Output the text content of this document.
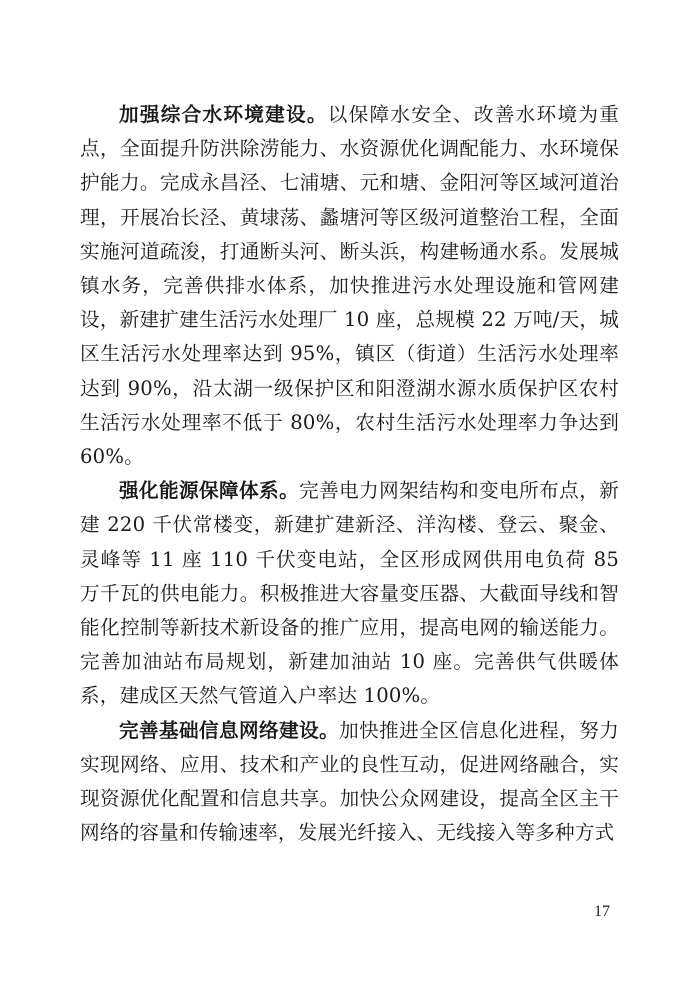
加强综合水环境建设。以保障水安全、改善水环境为重点，全面提升防洪除涝能力、水资源优化调配能力、水环境保护能力。完成永昌泾、七浦塘、元和塘、金阳河等区域河道治理，开展冶长泾、黄埭荡、蠡塘河等区级河道整治工程，全面实施河道疏浚，打通断头河、断头浜，构建畅通水系。发展城镇水务，完善供排水体系，加快推进污水处理设施和管网建设，新建扩建生活污水处理厂 10 座，总规模 22 万吨/天，城区生活污水处理率达到 95%，镇区（街道）生活污水处理率达到 90%，沿太湖一级保护区和阳澄湖水源水质保护区农村生活污水处理率不低于 80%，农村生活污水处理率力争达到 60%。

强化能源保障体系。完善电力网架结构和变电所布点，新建 220 千伏常楼变，新建扩建新泾、洋沟楼、登云、聚金、灵峰等 11 座 110 千伏变电站，全区形成网供用电负荷 85 万千瓦的供电能力。积极推进大容量变压器、大截面导线和智能化控制等新技术新设备的推广应用，提高电网的输送能力。完善加油站布局规划，新建加油站 10 座。完善供气供暖体系，建成区天然气管道入户率达 100%。

完善基础信息网络建设。加快推进全区信息化进程，努力实现网络、应用、技术和产业的良性互动，促进网络融合，实现资源优化配置和信息共享。加快公众网建设，提高全区主干网络的容量和传输速率，发展光纤接入、无线接入等多种方式

17
